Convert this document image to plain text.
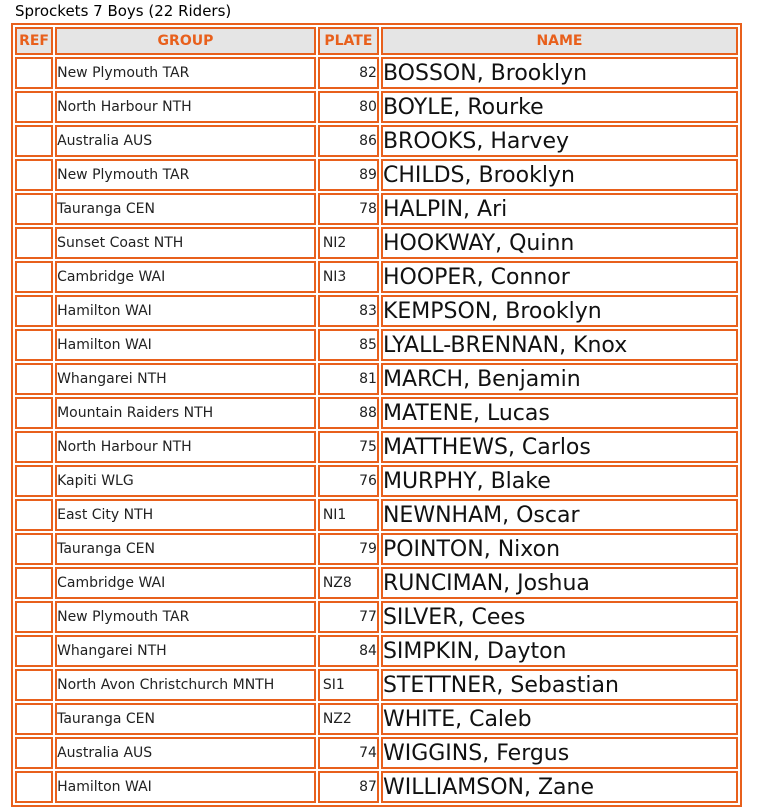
Sprockets 7 Boys (22 Riders)
REF	GROUP	PLATE	NAME
	New Plymouth TAR	82	BOSSON, Brooklyn
	North Harbour NTH	80	BOYLE, Rourke
	Australia AUS	86	BROOKS, Harvey
	New Plymouth TAR	89	CHILDS, Brooklyn
	Tauranga CEN	78	HALPIN, Ari
	Sunset Coast NTH	NI2	HOOKWAY, Quinn
	Cambridge WAI	NI3	HOOPER, Connor
	Hamilton WAI	83	KEMPSON, Brooklyn
	Hamilton WAI	85	LYALL-BRENNAN, Knox
	Whangarei NTH	81	MARCH, Benjamin
	Mountain Raiders NTH	88	MATENE, Lucas
	North Harbour NTH	75	MATTHEWS, Carlos
	Kapiti WLG	76	MURPHY, Blake
	East City NTH	NI1	NEWNHAM, Oscar
	Tauranga CEN	79	POINTON, Nixon
	Cambridge WAI	NZ8	RUNCIMAN, Joshua
	New Plymouth TAR	77	SILVER, Cees
	Whangarei NTH	84	SIMPKIN, Dayton
	North Avon Christchurch MNTH	SI1	STETTNER, Sebastian
	Tauranga CEN	NZ2	WHITE, Caleb
	Australia AUS	74	WIGGINS, Fergus
	Hamilton WAI	87	WILLIAMSON, Zane
